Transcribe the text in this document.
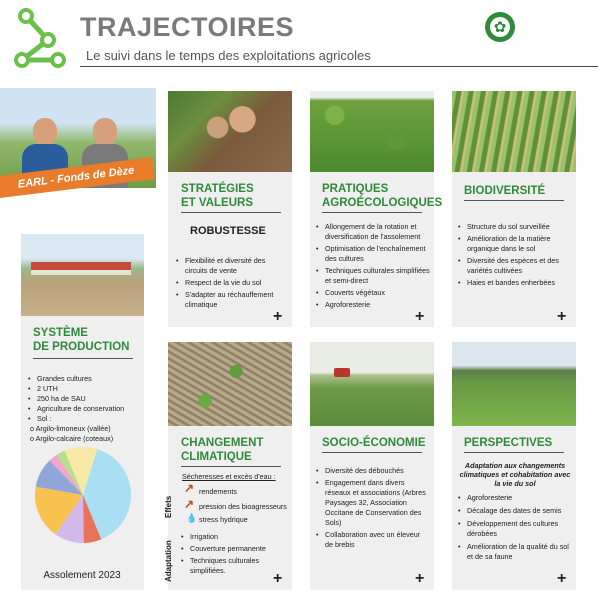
TRAJECTOIRES
Le suivi dans le temps des exploitations agricoles
✿
EARL - Fonds de Dèze
SYSTÈME
DE PRODUCTION
• Grandes cultures
• 2 UTH
• 250 ha de SAU
• Agriculture de conservation
• Sol :
o Argilo-limoneux (vallée)
o Argilo-calcaire (coteaux)
Assolement 2023
STRATÉGIES
ET VALEURS
ROBUSTESSE
• Flexibilité et diversité des circuits de vente
• Respect de la vie du sol
• S'adapter au réchauffement climatique
+
PRATIQUES
AGROÉCOLOGIQUES
• Allongement de la rotation et diversification de l'assolement
• Optimisation de l'enchaînement des cultures
• Techniques culturales simplifiées et semi-direct
• Couverts végétaux
• Agroforesterie
+
BIODIVERSITÉ
• Structure du sol surveillée
• Amélioration de la matière organique dans le sol
• Diversité des espèces et des variétés cultivées
• Haies et bandes enherbées
+
CHANGEMENT
CLIMATIQUE
Sécheresses et excès d'eau :
Effets
Adaptation
↗ rendements
↗ pression des bioagresseurs
💧 stress hydrique
• Irrigation
• Couverture permanente
• Techniques culturales simplifiées.	+
SOCIO-ÉCONOMIE
• Diversité des débouchés
• Engagement dans divers réseaux et associations (Arbres Paysages 32, Association Occitane de Conservation des Sols)
• Collaboration avec un éleveur de brebis
+
PERSPECTIVES
Adaptation aux changements climatiques et cohabitation avec la vie du sol
• Agroforesterie
• Décalage des dates de semis
• Développement des cultures dérobées
• Amélioration de la qualité du sol et de sa faune
+
